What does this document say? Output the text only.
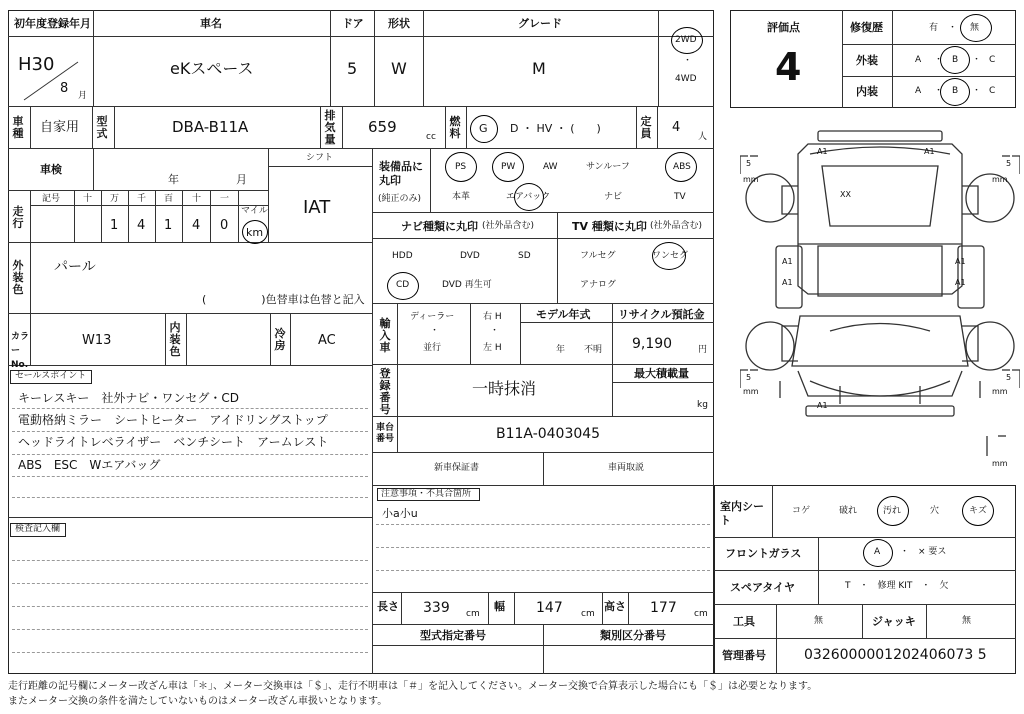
初年度登録年月
H30
8 月
車名
eKスペース
ドア
5
形状
W
グレード
M
2WD
・
4WD
車種 自家用 型式	DBA-B11A
排気量
659
cc
燃料 G D ・ HV ・ (　　)
定員 4
人
車検
年	月
シフト
IAT
走行
記号	十 万 千 百 十 一
マイル
1 4 1 4 0 km
外装色
パール
(　　　　　)色替車は色替と記入
カラーNo.
W13
内装色
冷房	AC
セールスポイント
キーレスキー　社外ナビ・ワンセグ・CD
電動格納ミラー　シートヒーター　アイドリングストップ
ヘッドライトレベライザー　ベンチシート　アームレスト
ABS　ESC　Wエアバッグ
検査記入欄
装備品に丸印
(純正のみ)
PS	PW	AW	サンルーフ	ABS
本革	エアバック	ナビ	TV
ナビ種類に丸印 (社外品含む)	TV 種類に丸印 (社外品含む)
HDD	DVD	SD
CD	DVD 再生可
フルセグ	ワンセグ
アナログ
輸入車
ディーラー
・
並行
右 H
・
左 H
モデル年式
年 不明
リサイクル預託金
9,190	円
登録番号
一時抹消
最大積載量
kg
車台番号	B11A-0403045
新車保証書	車両取説
注意事項・不具合箇所
小a小u
長さ 339 cm
幅 147 cm
高さ 177 cm
型式指定番号	類別区分番号
評価点
4
修復歴	有 ・ 無
外装	A ・ B ・ C
内装	A ・ B ・ C
A1	A1
XX
A1	A1
A1	A1
A1
5	5
5	5
mm	mm
mm	mm
mm
室内シート
コゲ	破れ	汚れ	穴	キズ
フロントガラス	A ・　× 要ス
スペアタイヤ	T　・　修理 KIT　・　欠
工具	無	ジャッキ	無
管理番号	0326000001202406073 5
走行距離の記号欄にメーター改ざん車は「＊」、メーター交換車は「＄」、走行不明車は「＃」を記入してください。メーター交換で合算表示した場合にも「＄」は必要となります。
またメーター交換の条件を満たしていないものはメーター改ざん車扱いとなります。
